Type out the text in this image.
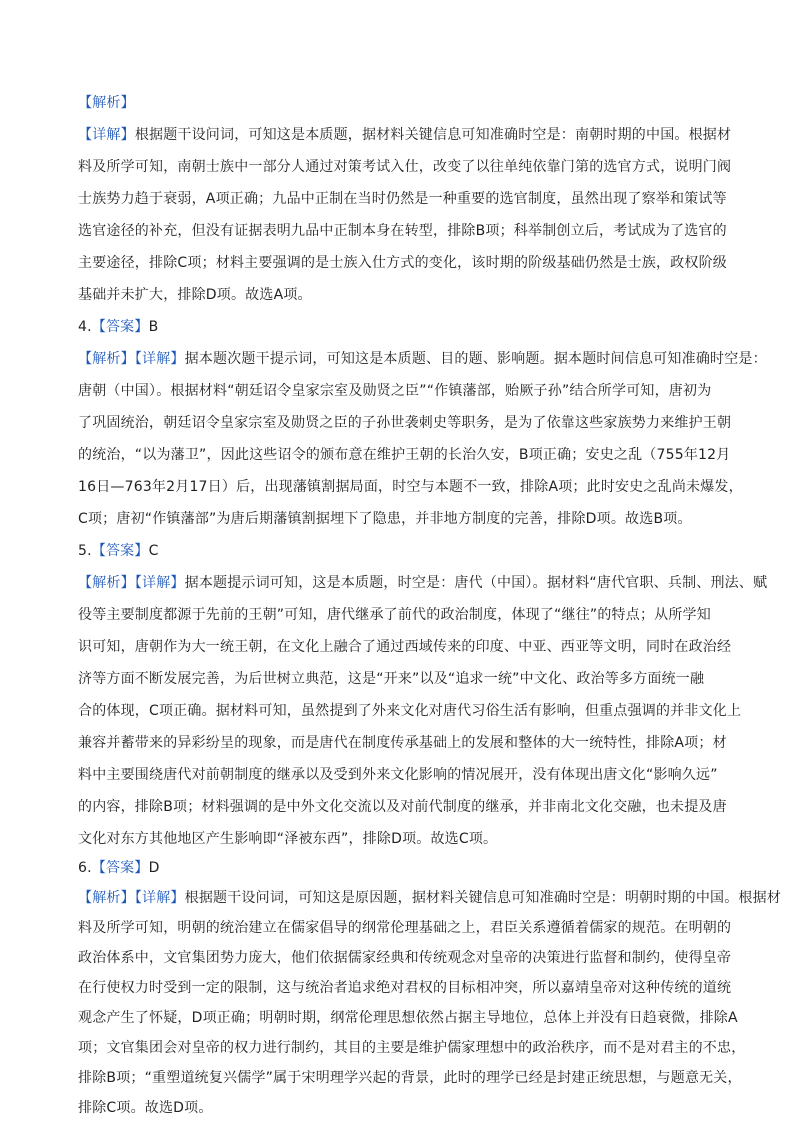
【解析】
【详解】根据题干设问词，可知这是本质题，据材料关键信息可知准确时空是：南朝时期的中国。根据材
料及所学可知，南朝士族中一部分人通过对策考试入仕，改变了以往单纯依靠门第的选官方式，说明门阀
士族势力趋于衰弱，A项正确；九品中正制在当时仍然是一种重要的选官制度，虽然出现了察举和策试等
选官途径的补充，但没有证据表明九品中正制本身在转型，排除B项；科举制创立后，考试成为了选官的
主要途径，排除C项；材料主要强调的是士族入仕方式的变化，该时期的阶级基础仍然是士族，政权阶级
基础并未扩大，排除D项。故选A项。
4.【答案】B
【解析】【详解】据本题次题干提示词，可知这是本质题、目的题、影响题。据本题时间信息可知准确时空是：
唐朝（中国）。根据材料“朝廷诏令皇家宗室及勋贤之臣”“作镇藩部，贻厥子孙”结合所学可知，唐初为
了巩固统治，朝廷诏令皇家宗室及勋贤之臣的子孙世袭刺史等职务，是为了依靠这些家族势力来维护王朝
的统治，“以为藩卫”，因此这些诏令的颁布意在维护王朝的长治久安，B项正确；安史之乱（755年12月
16日—763年2月17日）后，出现藩镇割据局面，时空与本题不一致，排除A项；此时安史之乱尚未爆发，
C项；唐初“作镇藩部”为唐后期藩镇割据埋下了隐患，并非地方制度的完善，排除D项。故选B项。
5.【答案】C
【解析】【详解】据本题提示词可知，这是本质题，时空是：唐代（中国）。据材料“唐代官职、兵制、刑法、赋
役等主要制度都源于先前的王朝”可知，唐代继承了前代的政治制度，体现了“继往”的特点；从所学知
识可知，唐朝作为大一统王朝，在文化上融合了通过西域传来的印度、中亚、西亚等文明，同时在政治经
济等方面不断发展完善，为后世树立典范，这是“开来”以及“追求一统”中文化、政治等多方面统一融
合的体现，C项正确。据材料可知，虽然提到了外来文化对唐代习俗生活有影响，但重点强调的并非文化上
兼容并蓄带来的异彩纷呈的现象，而是唐代在制度传承基础上的发展和整体的大一统特性，排除A项；材
料中主要围绕唐代对前朝制度的继承以及受到外来文化影响的情况展开，没有体现出唐文化“影响久远”
的内容，排除B项；材料强调的是中外文化交流以及对前代制度的继承，并非南北文化交融，也未提及唐
文化对东方其他地区产生影响即“泽被东西”，排除D项。故选C项。
6.【答案】D
【解析】【详解】根据题干设问词，可知这是原因题，据材料关键信息可知准确时空是：明朝时期的中国。根据材
料及所学可知，明朝的统治建立在儒家倡导的纲常伦理基础之上，君臣关系遵循着儒家的规范。在明朝的
政治体系中，文官集团势力庞大，他们依据儒家经典和传统观念对皇帝的决策进行监督和制约，使得皇帝
在行使权力时受到一定的限制，这与统治者追求绝对君权的目标相冲突，所以嘉靖皇帝对这种传统的道统
观念产生了怀疑，D项正确；明朝时期，纲常伦理思想依然占据主导地位，总体上并没有日趋衰微，排除A
项；文官集团会对皇帝的权力进行制约，其目的主要是维护儒家理想中的政治秩序，而不是对君主的不忠，
排除B项；“重塑道统复兴儒学”属于宋明理学兴起的背景，此时的理学已经是封建正统思想，与题意无关，
排除C项。故选D项。
